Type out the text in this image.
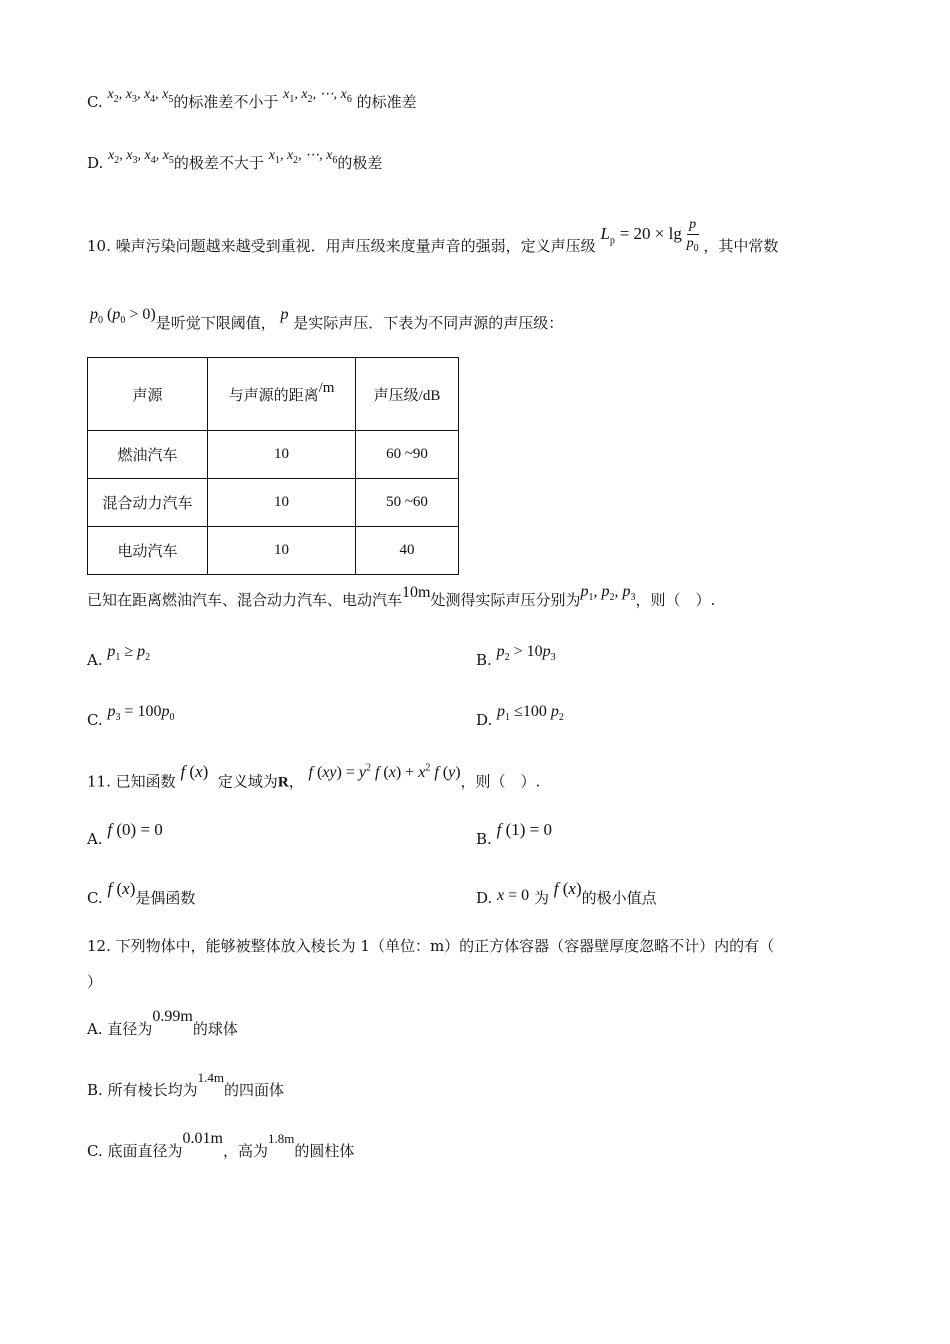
C. $x_2$, $x_3$, $x_4$, $x_5$的标准差不小于 $x_1$, $x_2$, ⋯, $x_6$ 的标准差
D. $x_2$, $x_3$, $x_4$, $x_5$的极差不大于 $x_1$, $x_2$, ⋯, $x_6$的极差
10. 噪声污染问题越来越受到重视．用声压级来度量声音的强弱，定义声压级 $L_p = 20 \times \lg \frac{p}{p_0}$ ，其中常数
$p_0$ $(p_0 > 0)$是听觉下限阈值， p 是实际声压．下表为不同声源的声压级：
声源	与声源的距离/m	声压级/dB
燃油汽车	10	60 ~90
混合动力汽车	10	50 ~60
电动汽车	10	40
已知在距离燃油汽车、混合动力汽车、电动汽车10m处测得实际声压分别为$p_1$, $p_2$, $p_3$，则（　）.
A. $p_1 \ge p_2$	B. $p_2 > 10p_3$
C. $p_3 = 100p_0$	D. $p_1 \le 100$ $p_2$
11. 已知函数 f (x) 定义域为R， f $(xy) = y^2$ f $(x) + x^2$ f (y)，则（　）.
A. f (0) = 0	B. f (1) = 0
C. f (x)是偶函数	D. x = 0 为 f (x)的极小值点
12. 下列物体中，能够被整体放入棱长为 1（单位：m）的正方体容器（容器壁厚度忽略不计）内的有（
）
A. 直径为0.99m的球体
B. 所有棱长均为1.4m的四面体
C. 底面直径为0.01m，高为1.8m的圆柱体
